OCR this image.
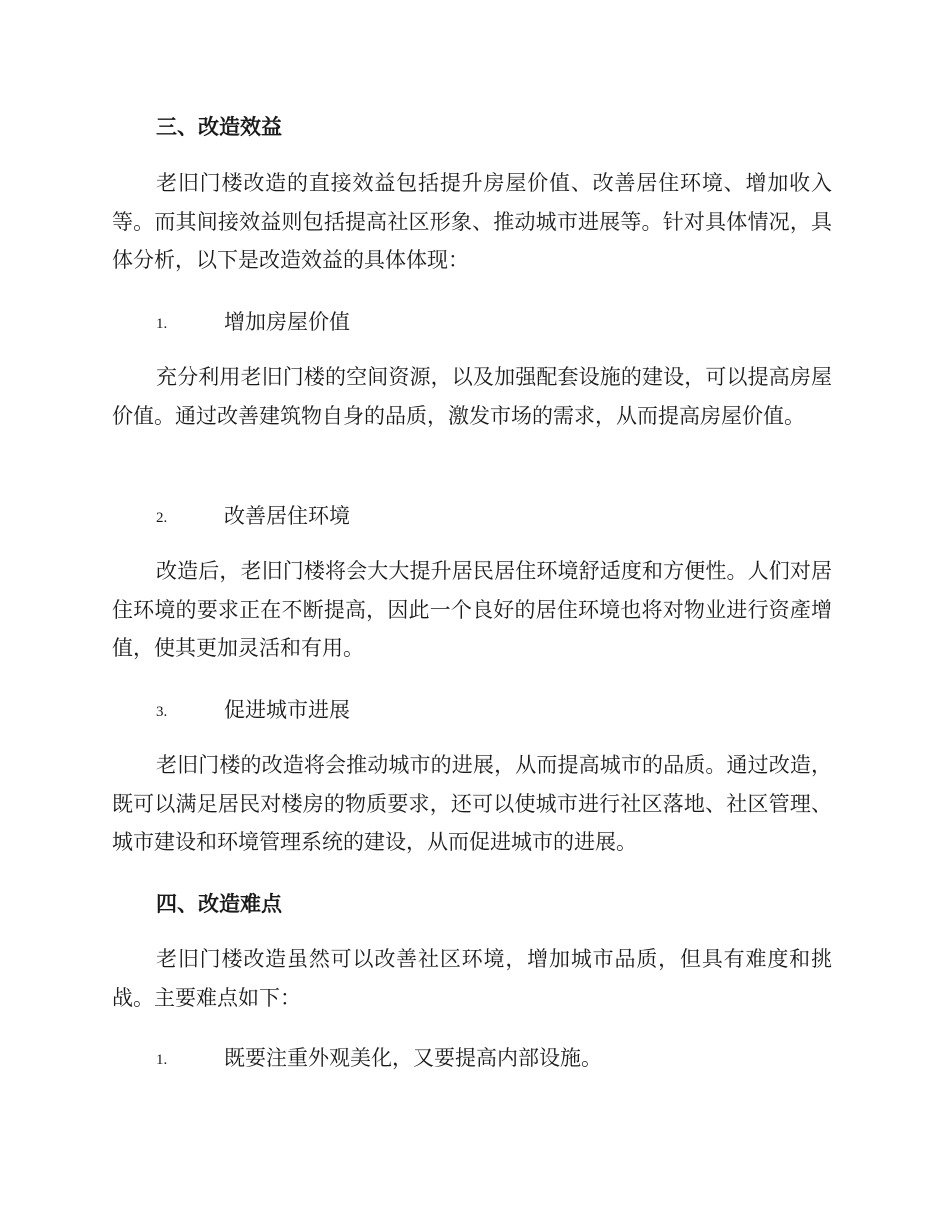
三、改造效益

老旧门楼改造的直接效益包括提升房屋价值、改善居住环境、增加收入等。而其间接效益则包括提高社区形象、推动城市进展等。针对具体情况，具体分析，以下是改造效益的具体体现：

1.	增加房屋价值

充分利用老旧门楼的空间资源，以及加强配套设施的建设，可以提高房屋价值。通过改善建筑物自身的品质，激发市场的需求，从而提高房屋价值。

2.	改善居住环境

改造后，老旧门楼将会大大提升居民居住环境舒适度和方便性。人们对居住环境的要求正在不断提高，因此一个良好的居住环境也将对物业进行资產增值，使其更加灵活和有用。

3.	促进城市进展

老旧门楼的改造将会推动城市的进展，从而提高城市的品质。通过改造，既可以满足居民对楼房的物质要求，还可以使城市进行社区落地、社区管理、城市建设和环境管理系统的建设，从而促进城市的进展。

四、改造难点

老旧门楼改造虽然可以改善社区环境，增加城市品质，但具有难度和挑战。主要难点如下：

1.	既要注重外观美化，又要提高内部设施。
